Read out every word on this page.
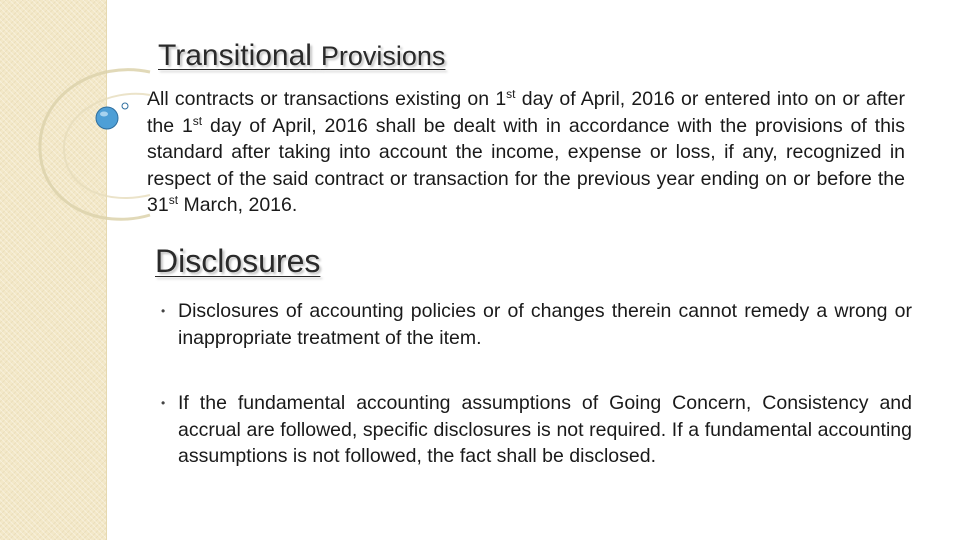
Transitional Provisions

All contracts or transactions existing on 1st day of April, 2016 or entered into on or after the 1st day of April, 2016 shall be dealt with in accordance with the provisions of this standard after taking into account the income, expense or loss, if any, recognized in respect of the said contract or transaction for the previous year ending on or before the 31st March, 2016.

Disclosures
• Disclosures of accounting policies or of changes therein cannot remedy a wrong or inappropriate treatment of the item.
• If the fundamental accounting assumptions of Going Concern, Consistency and accrual are followed, specific disclosures is not required. If a fundamental accounting assumptions is not followed, the fact shall be disclosed.
